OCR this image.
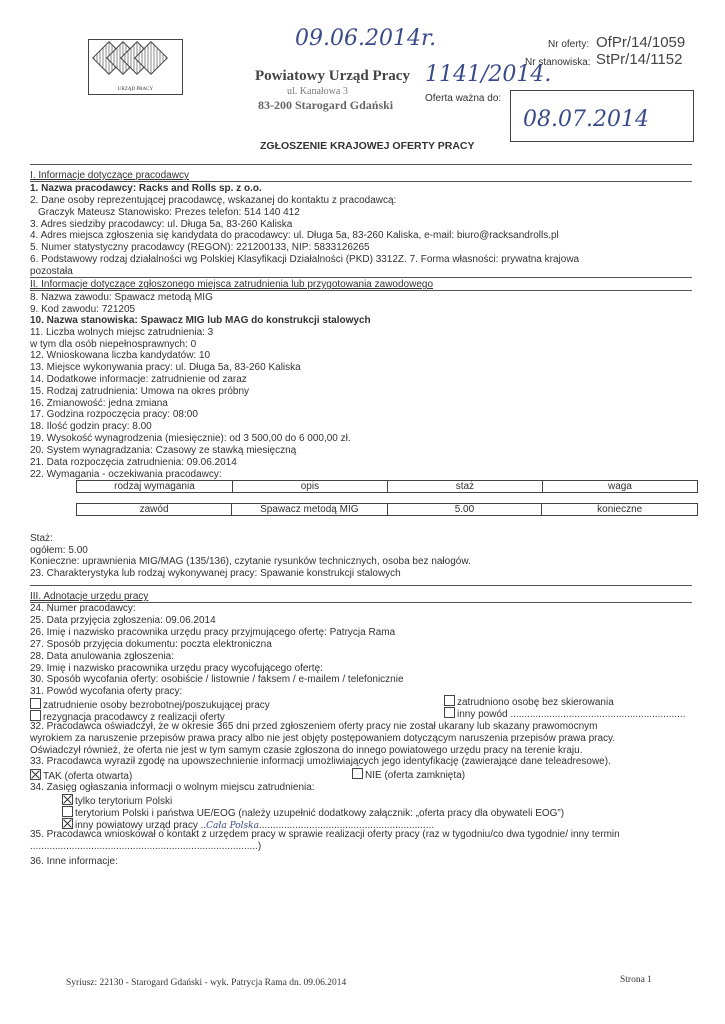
URZĄD PRACY
09.06.2014r.
Powiatowy Urząd Pracy
ul. Kanałowa 3
83-200 Starogard Gdański
1141/2014.
Nr oferty: OfPr/14/1059
Nr stanowiska: StPr/14/1152
Oferta ważna do:
08.07.2014
ZGŁOSZENIE KRAJOWEJ OFERTY PRACY
I. Informacje dotyczące pracodawcy
1. Nazwa pracodawcy: Racks and Rolls sp. z o.o.
2. Dane osoby reprezentującej pracodawcę, wskazanej do kontaktu z pracodawcą:
Graczyk Mateusz Stanowisko: Prezes telefon: 514 140 412
3. Adres siedziby pracodawcy: ul. Długa 5a, 83-260 Kaliska
4. Adres miejsca zgłoszenia się kandydata do pracodawcy: ul. Długa 5a, 83-260 Kaliska, e-mail: biuro@racksandrolls.pl
5. Numer statystyczny pracodawcy (REGON): 221200133, NIP: 5833126265
6. Podstawowy rodzaj działalności wg Polskiej Klasyfikacji Działalności (PKD) 3312Z. 7. Forma własności: prywatna krajowa
pozostała
II. Informacje dotyczące zgłoszonego miejsca zatrudnienia lub przygotowania zawodowego
8. Nazwa zawodu: Spawacz metodą MIG
9. Kod zawodu: 721205
10. Nazwa stanowiska: Spawacz MIG lub MAG do konstrukcji stalowych
11. Liczba wolnych miejsc zatrudnienia: 3
w tym dla osób niepełnosprawnych: 0
12. Wnioskowana liczba kandydatów: 10
13. Miejsce wykonywania pracy: ul. Długa 5a, 83-260 Kaliska
14. Dodatkowe informacje: zatrudnienie od zaraz
15. Rodzaj zatrudnienia: Umowa na okres próbny
16. Zmianowość: jedna zmiana
17. Godzina rozpoczęcia pracy: 08:00
18. Ilość godzin pracy: 8.00
19. Wysokość wynagrodzenia (miesięcznie): od 3 500,00 do 6 000,00 zł.
20. System wynagradzania: Czasowy ze stawką miesięczną
21. Data rozpoczęcia zatrudnienia: 09.06.2014
22. Wymagania - oczekiwania pracodawcy:
rodzaj wymagania	opis	staż	waga
zawód	Spawacz metodą MIG	5.00	konieczne
Staż:
ogółem: 5.00
Konieczne: uprawnienia MIG/MAG (135/136), czytanie rysunków technicznych, osoba bez nałogów.
23. Charakterystyka lub rodzaj wykonywanej pracy: Spawanie konstrukcji stalowych
III. Adnotacje urzędu pracy
24. Numer pracodawcy:
25. Data przyjęcia zgłoszenia: 09.06.2014
26. Imię i nazwisko pracownika urzędu pracy przyjmującego ofertę: Patrycja Rama
27. Sposób przyjęcia dokumentu: poczta elektroniczna
28. Data anulowania zgłoszenia:
29. Imię i nazwisko pracownika urzędu pracy wycofującego ofertę:
30. Sposób wycofania oferty: osobiście / listownie / faksem / e-mailem / telefonicznie
31. Powód wycofania oferty pracy:
zatrudnienie osoby bezrobotnej/poszukującej pracy
rezygnacja pracodawcy z realizacji oferty
zatrudniono osobę bez skierowania
inny powód ...............................................................
32. Pracodawca oświadczył, że w okresie 365 dni przed zgłoszeniem oferty pracy nie został ukarany lub skazany prawomocnym
wyrokiem za naruszenie przepisów prawa pracy albo nie jest objęty postępowaniem dotyczącym naruszenia przepisów prawa pracy.
Oświadczył również, że oferta nie jest w tym samym czasie zgłoszona do innego powiatowego urzędu pracy na terenie kraju.
33. Pracodawca wyraził zgodę na upowszechnienie informacji umożliwiających jego identyfikację (zawierające dane teleadresowe).
TAK (oferta otwarta)	NIE (oferta zamknięta)
34. Zasięg ogłaszania informacji o wolnym miejscu zatrudnienia:
tylko terytorium Polski
terytorium Polski i państwa UE/EOG (należy uzupełnić dodatkowy załącznik: „oferta pracy dla obywateli EOG”)
inny powiatowy urząd pracy ..Cała Polska...............................................................
35. Pracodawca wnioskował o kontakt z urzędem pracy w sprawie realizacji oferty pracy (raz w tygodniu/co dwa tygodnie/ inny termin
..................................................................................)
36. Inne informacje:
Syriusz: 22130 - Starogard Gdański - wyk. Patrycja Rama dn. 09.06.2014	Strona 1
